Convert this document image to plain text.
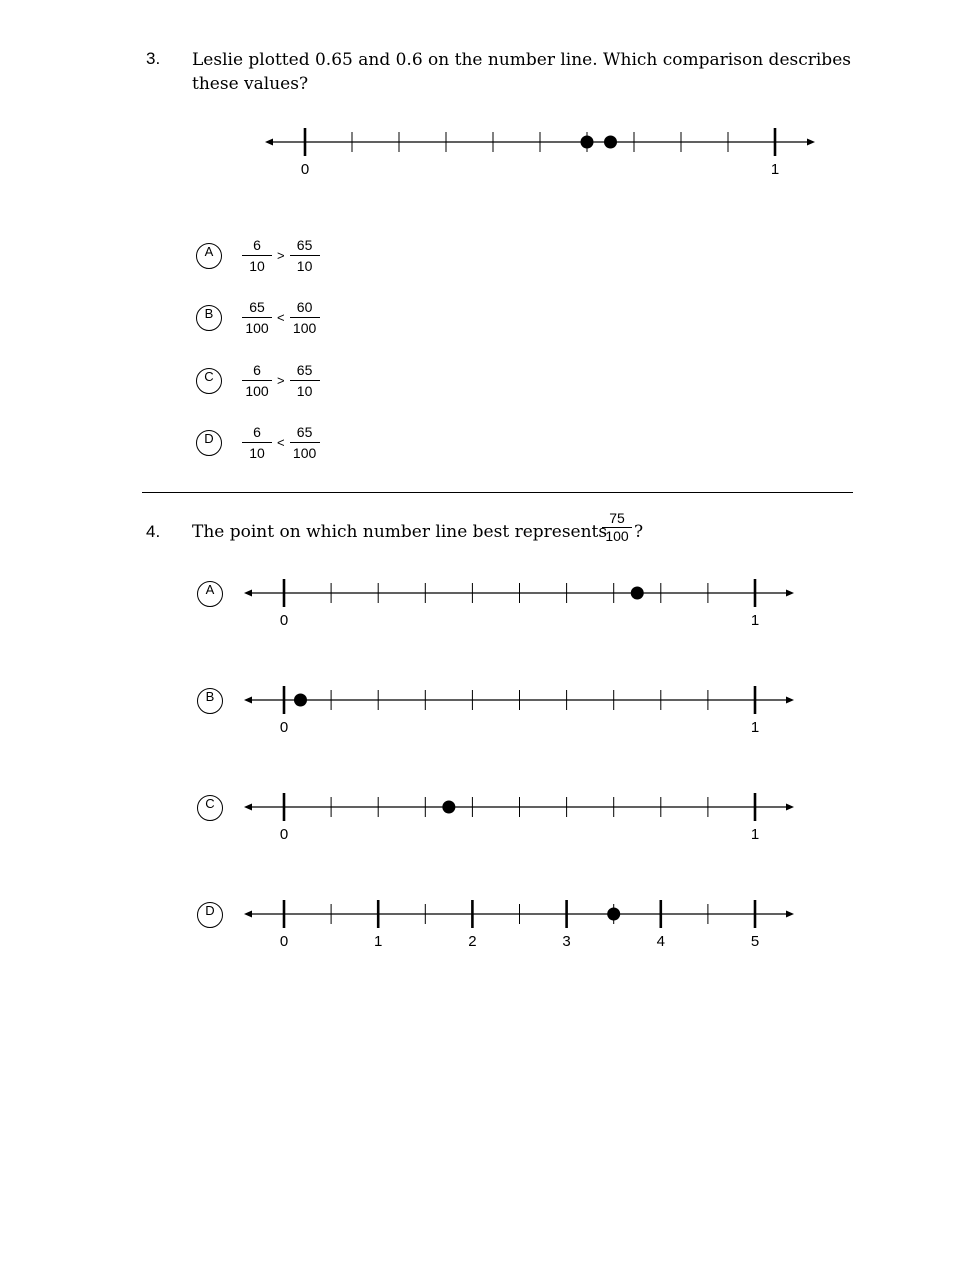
3. Leslie plotted 0.65 and 0.6 on the number line. Which comparison describes
these values?
0	1
A	$\frac{6}{10} > \frac{65}{10}$
B	$\frac{65}{100} < \frac{60}{100}$
C	$\frac{6}{100} > \frac{65}{10}$
D	$\frac{6}{10} < \frac{65}{100}$
4. The point on which number line best represents
75
100 ?
A
0	1
B
0	1
C
0	1
D
0	1	2	3	4	5
